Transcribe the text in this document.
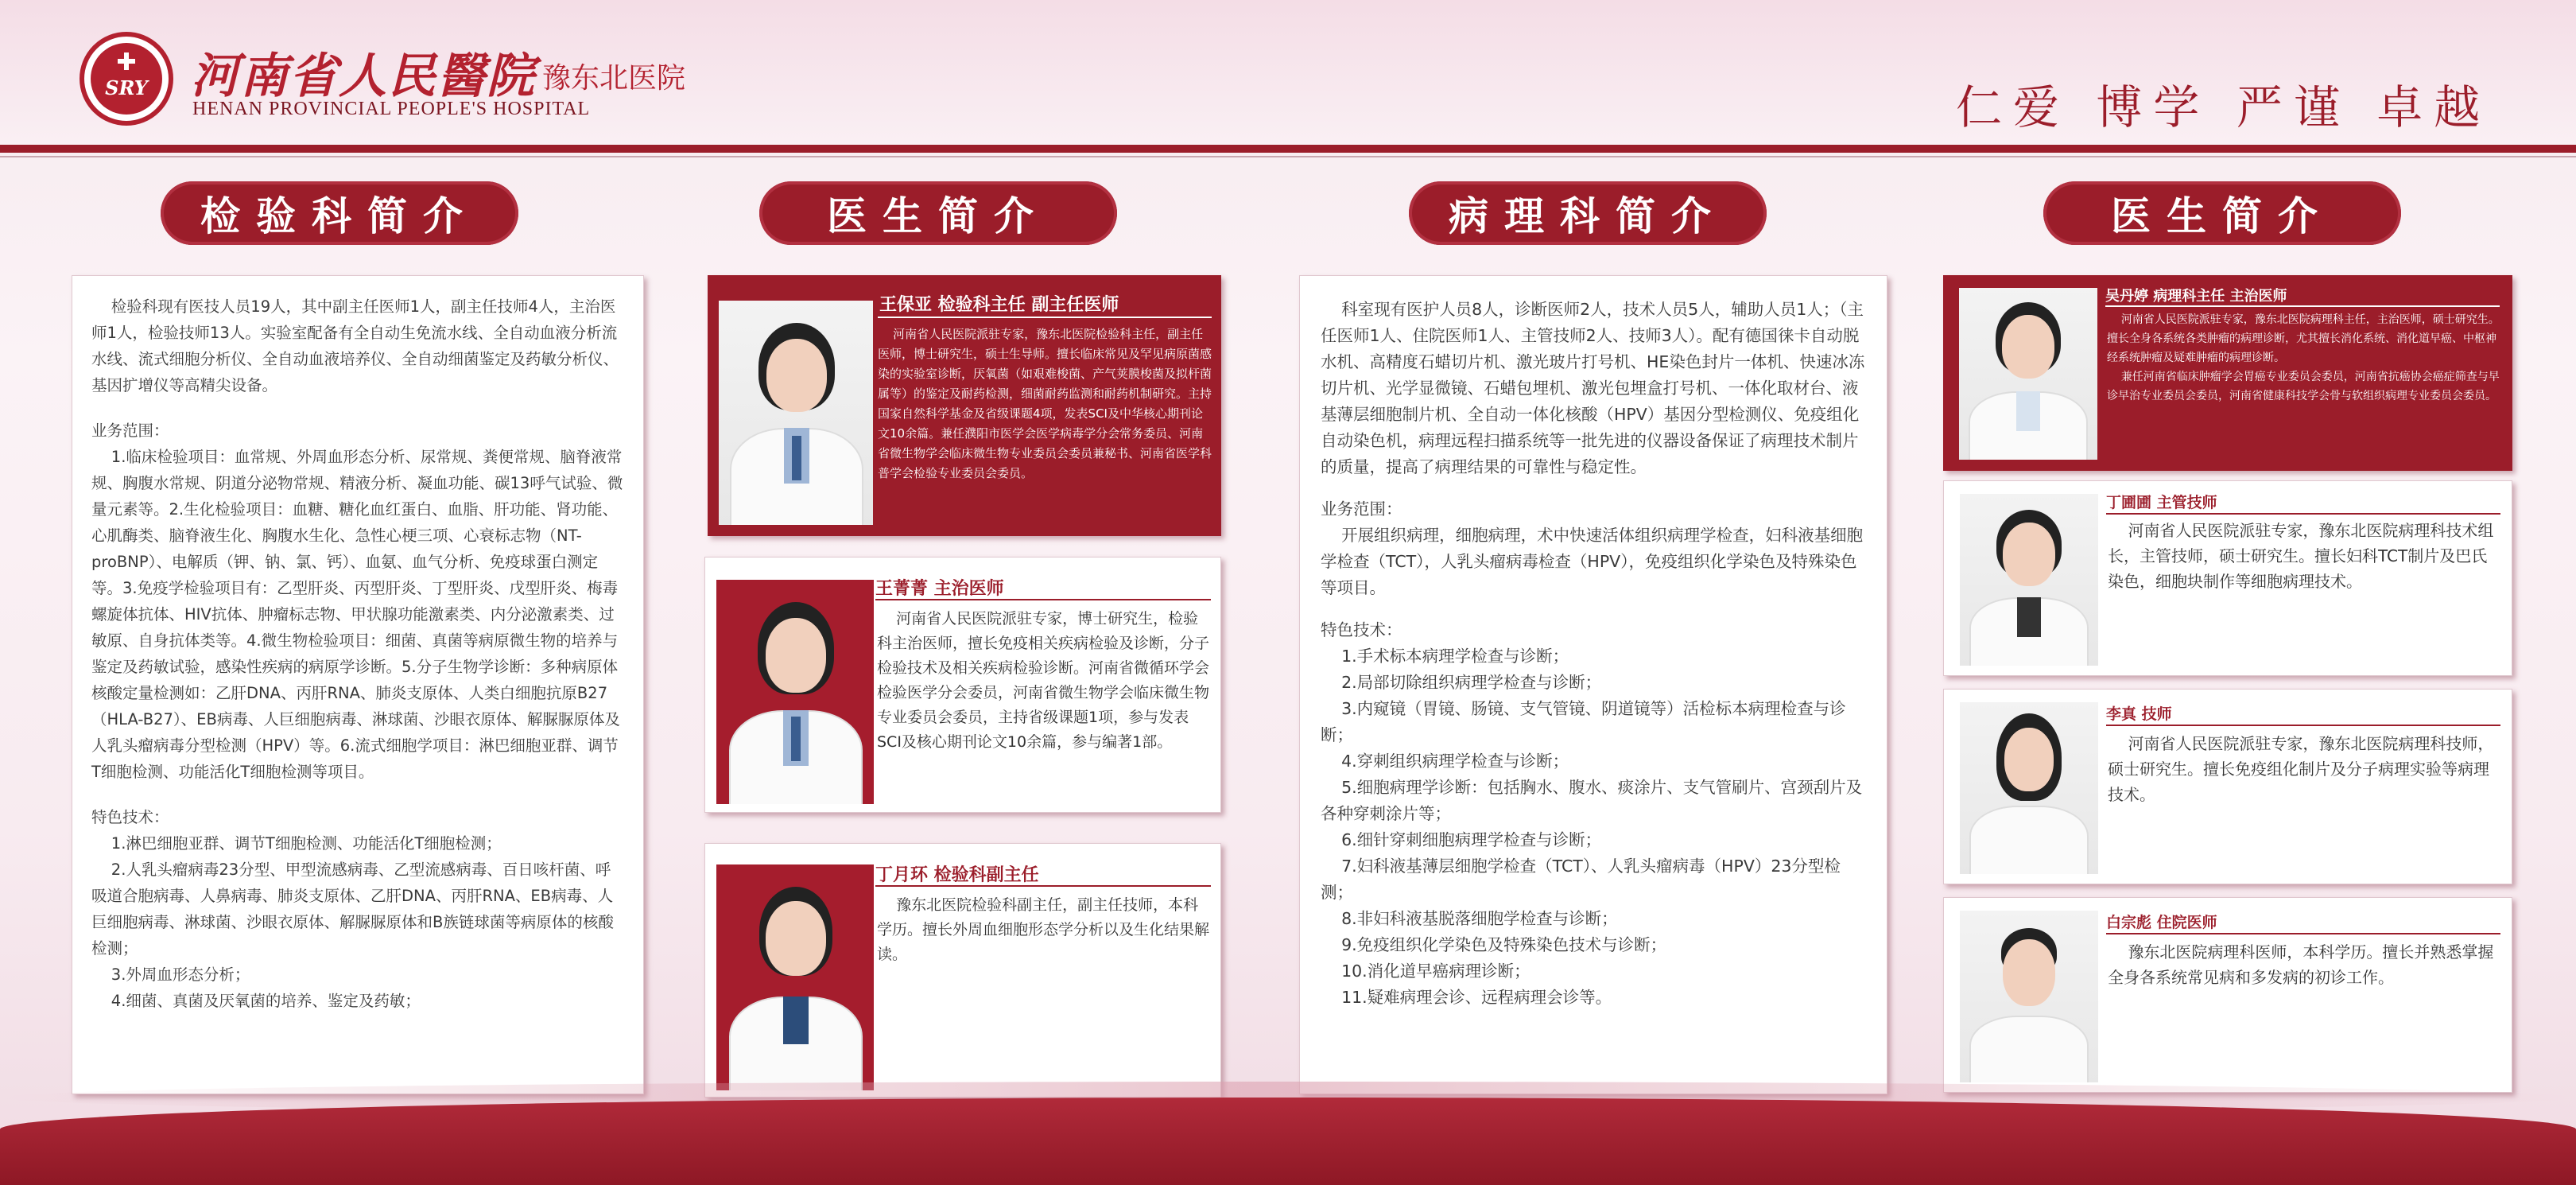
SRY 河南省人民醫院 豫东北医院
HENAN PROVINCIAL PEOPLE'S HOSPITAL	仁爱 博学 严谨 卓越
检验科简介	医生简介	病理科简介	医生简介
检验科现有医技人员19人，其中副主任医师1人，副主任技师4人，主治医师1人，检验技师13人。实验室配备有全自动生免流水线、全自动血液分析流水线、流式细胞分析仪、全自动血液培养仪、全自动细菌鉴定及药敏分析仪、基因扩增仪等高精尖设备。
业务范围：
1.临床检验项目：血常规、外周血形态分析、尿常规、粪便常规、脑脊液常规、胸腹水常规、阴道分泌物常规、精液分析、凝血功能、碳13呼气试验、微量元素等。2.生化检验项目：血糖、糖化血红蛋白、血脂、肝功能、肾功能、心肌酶类、脑脊液生化、胸腹水生化、急性心梗三项、心衰标志物（NT-proBNP）、电解质（钾、钠、氯、钙）、血氨、血气分析、免疫球蛋白测定等。3.免疫学检验项目有：乙型肝炎、丙型肝炎、丁型肝炎、戊型肝炎、梅毒螺旋体抗体、HIV抗体、肿瘤标志物、甲状腺功能激素类、内分泌激素类、过敏原、自身抗体类等。4.微生物检验项目：细菌、真菌等病原微生物的培养与鉴定及药敏试验，感染性疾病的病原学诊断。5.分子生物学诊断：多种病原体核酸定量检测如：乙肝DNA、丙肝RNA、肺炎支原体、人类白细胞抗原B27（HLA-B27）、EB病毒、人巨细胞病毒、淋球菌、沙眼衣原体、解脲脲原体及人乳头瘤病毒分型检测（HPV）等。6.流式细胞学项目：淋巴细胞亚群、调节T细胞检测、功能活化T细胞检测等项目。
特色技术：
1.淋巴细胞亚群、调节T细胞检测、功能活化T细胞检测；
2.人乳头瘤病毒23分型、甲型流感病毒、乙型流感病毒、百日咳杆菌、呼吸道合胞病毒、人鼻病毒、肺炎支原体、乙肝DNA、丙肝RNA、EB病毒、人巨细胞病毒、淋球菌、沙眼衣原体、解脲脲原体和B族链球菌等病原体的核酸检测；
3.外周血形态分析；
4.细菌、真菌及厌氧菌的培养、鉴定及药敏；
王保亚 检验科主任 副主任医师
河南省人民医院派驻专家，豫东北医院检验科主任，副主任医师，博士研究生，硕士生导师。擅长临床常见及罕见病原菌感染的实验室诊断，厌氧菌（如艰难梭菌、产气荚膜梭菌及拟杆菌属等）的鉴定及耐药检测，细菌耐药监测和耐药机制研究。主持国家自然科学基金及省级课题4项，发表SCI及中华核心期刊论文10余篇。兼任濮阳市医学会医学病毒学分会常务委员、河南省微生物学会临床微生物专业委员会委员兼秘书、河南省医学科普学会检验专业委员会委员。
王菁菁 主治医师
河南省人民医院派驻专家，博士研究生，检验科主治医师，擅长免疫相关疾病检验及诊断，分子检验技术及相关疾病检验诊断。河南省微循环学会检验医学分会委员，河南省微生物学会临床微生物专业委员会委员，主持省级课题1项，参与发表SCI及核心期刊论文10余篇，参与编著1部。
丁月环 检验科副主任
豫东北医院检验科副主任，副主任技师，本科学历。擅长外周血细胞形态学分析以及生化结果解读。
科室现有医护人员8人，诊断医师2人，技术人员5人，辅助人员1人；（主任医师1人、住院医师1人、主管技师2人、技师3人）。配有德国徕卡自动脱水机、高精度石蜡切片机、激光玻片打号机、HE染色封片一体机、快速冰冻切片机、光学显微镜、石蜡包埋机、激光包埋盒打号机、一体化取材台、液基薄层细胞制片机、全自动一体化核酸（HPV）基因分型检测仪、免疫组化自动染色机，病理远程扫描系统等一批先进的仪器设备保证了病理技术制片的质量，提高了病理结果的可靠性与稳定性。
业务范围：
开展组织病理，细胞病理，术中快速活体组织病理学检查，妇科液基细胞学检查（TCT），人乳头瘤病毒检查（HPV），免疫组织化学染色及特殊染色等项目。
特色技术：
1.手术标本病理学检查与诊断；
2.局部切除组织病理学检查与诊断；
3.内窥镜（胃镜、肠镜、支气管镜、阴道镜等）活检标本病理检查与诊断；
4.穿刺组织病理学检查与诊断；
5.细胞病理学诊断：包括胸水、腹水、痰涂片、支气管刷片、宫颈刮片及各种穿刺涂片等；
6.细针穿刺细胞病理学检查与诊断；
7.妇科液基薄层细胞学检查（TCT）、人乳头瘤病毒（HPV）23分型检测；
8.非妇科液基脱落细胞学检查与诊断；
9.免疫组织化学染色及特殊染色技术与诊断；
10.消化道早癌病理诊断；
11.疑难病理会诊、远程病理会诊等。
吴丹婷 病理科主任 主治医师
河南省人民医院派驻专家，豫东北医院病理科主任，主治医师，硕士研究生。擅长全身各系统各类肿瘤的病理诊断，尤其擅长消化系统、消化道早癌、中枢神经系统肿瘤及疑难肿瘤的病理诊断。
兼任河南省临床肿瘤学会胃癌专业委员会委员，河南省抗癌协会癌症筛查与早诊早治专业委员会委员，河南省健康科技学会骨与软组织病理专业委员会委员。
丁圃圃 主管技师
河南省人民医院派驻专家，豫东北医院病理科技术组长，主管技师，硕士研究生。擅长妇科TCT制片及巴氏染色，细胞块制作等细胞病理技术。
李真 技师
河南省人民医院派驻专家，豫东北医院病理科技师，硕士研究生。擅长免疫组化制片及分子病理实验等病理技术。
白宗彪 住院医师
豫东北医院病理科医师，本科学历。擅长并熟悉掌握全身各系统常见病和多发病的初诊工作。
